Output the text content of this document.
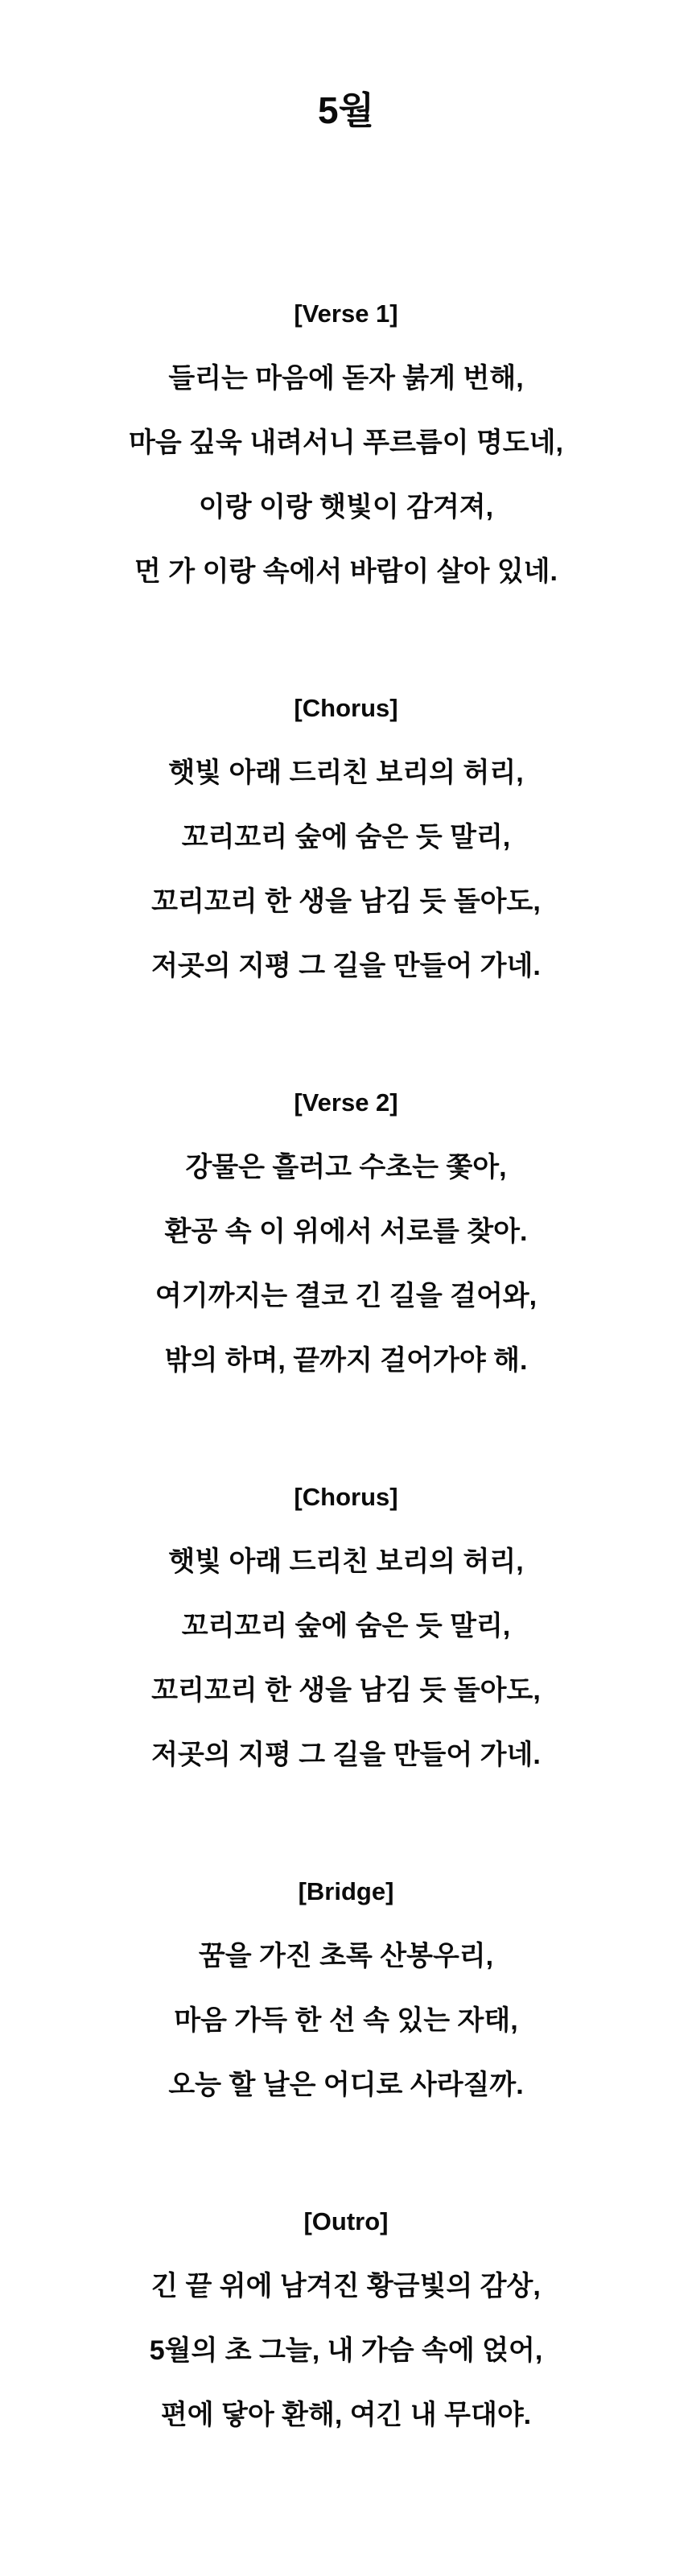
5월

[Verse 1]

들리는 마음에 돋자 붉게 번해,

마음 깊욱 내려서니 푸르름이 명도네,

이랑 이랑 햇빛이 감겨져,

먼 가 이랑 속에서 바람이 살아 있네.

[Chorus]

햇빛 아래 드리친 보리의 허리,

꼬리꼬리 숲에 숨은 듯 말리,

꼬리꼬리 한 생을 남김 듯 돌아도,

저곳의 지평 그 길을 만들어 가네.

[Verse 2]

강물은 흘러고 수초는 쫓아,

환공 속 이 위에서 서로를 찾아.

여기까지는 결코 긴 길을 걸어와,

밖의 하며, 끝까지 걸어가야 해.

[Chorus]

햇빛 아래 드리친 보리의 허리,

꼬리꼬리 숲에 숨은 듯 말리,

꼬리꼬리 한 생을 남김 듯 돌아도,

저곳의 지평 그 길을 만들어 가네.

[Bridge]

꿈을 가진 초록 산봉우리,

마음 가득 한 선 속 있는 자태,

오능 할 날은 어디로 사라질까.

[Outro]

긴 끝 위에 남겨진 황금빛의 감상,

5월의 초 그늘, 내 가슴 속에 얹어,

편에 닿아 환해, 여긴 내 무대야.
